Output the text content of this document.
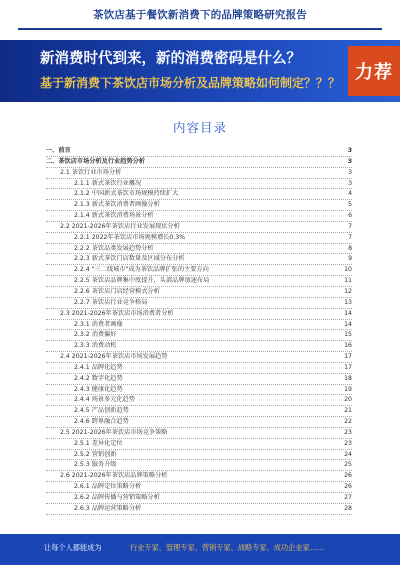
茶饮店基于餐饮新消费下的品牌策略研究报告
新消费时代到来，新的消费密码是什么？
基于新消费下茶饮店市场分析及品牌策略如何制定？？？ 力荐
内容目录
一、前言	3
二、茶饮店市场分析及行业趋势分析	3
2.1 茶饮行业市场分析	3
2.1.1 新式茶饮行业概况	3
2.1.2 中国新式茶饮市场规模持续扩大	4
2.1.3 新式茶饮消费者画像分析	5
2.1.4 新式茶饮消费场景分析	6
2.2 2021-2026年茶饮店行业发展现状分析	7
2.2.1 2022年茶饮店市场规模增长0.3%	7
2.2.2 茶饮品类发展趋势分析	8
2.2.3 新式茶饮门店数量及区域分布分析	9
2.2.4 "三二线城市"成为茶饮品牌扩张的主要方向	10
2.2.5 茶饮店品牌集中度提升，头部品牌加速布局	11
2.2.6 茶饮店门店经营模式分析	12
2.2.7 茶饮店行业竞争格局	13
2.3 2021-2026年茶饮店市场消费者分析	14
2.3.1 消费者画像	14
2.3.2 消费偏好	15
2.3.3 消费动机	16
2.4 2021-2026年茶饮店市场发展趋势	17
2.4.1 品牌化趋势	17
2.4.2 数字化趋势	18
2.4.3 健康化趋势	19
2.4.4 场景多元化趋势	20
2.4.5 产品创新趋势	21
2.4.6 跨界融合趋势	22
2.5 2021-2026年茶饮店市场竞争策略	23
2.5.1 差异化定位	23
2.5.2 营销创新	24
2.5.3 服务升级	25
2.6 2021-2026年茶饮店品牌策略分析	26
2.6.1 品牌定位策略分析	26
2.6.2 品牌传播与营销策略分析	27
2.6.3 品牌运营策略分析	28
让每个人都能成为	行业专家、管理专家、营销专家、战略专家、成功企业家……
